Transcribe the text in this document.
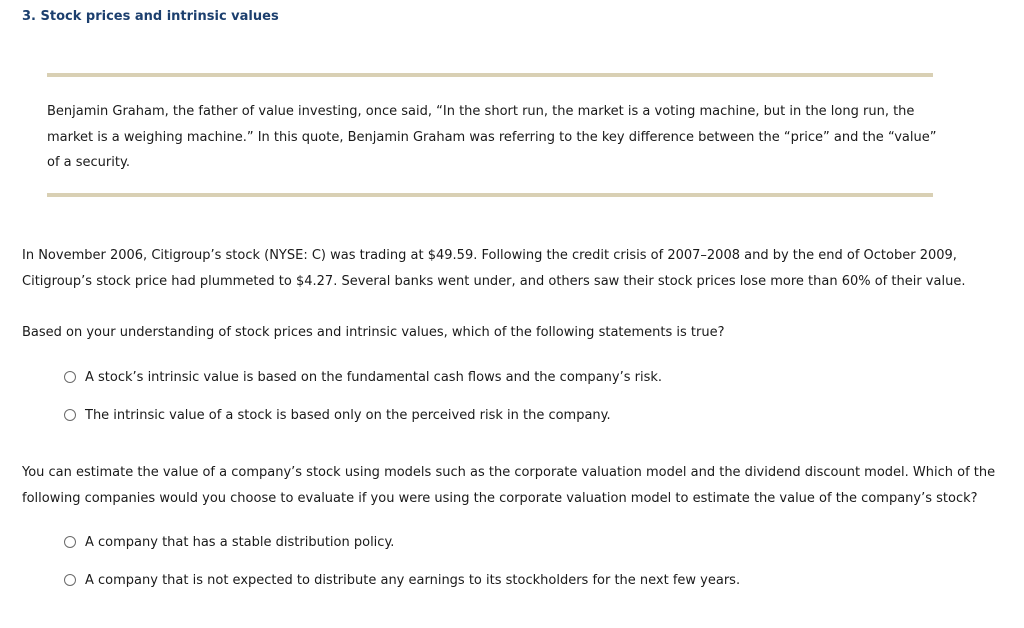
3. Stock prices and intrinsic values
Benjamin Graham, the father of value investing, once said, “In the short run, the market is a voting machine, but in the long run, the market is a weighing machine.” In this quote, Benjamin Graham was referring to the key difference between the “price” and the “value” of a security.
In November 2006, Citigroup’s stock (NYSE: C) was trading at $49.59. Following the credit crisis of 2007–2008 and by the end of October 2009, Citigroup’s stock price had plummeted to $4.27. Several banks went under, and others saw their stock prices lose more than 60% of their value.
Based on your understanding of stock prices and intrinsic values, which of the following statements is true?
A stock’s intrinsic value is based on the fundamental cash flows and the company’s risk.
The intrinsic value of a stock is based only on the perceived risk in the company.
You can estimate the value of a company’s stock using models such as the corporate valuation model and the dividend discount model. Which of the following companies would you choose to evaluate if you were using the corporate valuation model to estimate the value of the company’s stock?
A company that has a stable distribution policy.
A company that is not expected to distribute any earnings to its stockholders for the next few years.
